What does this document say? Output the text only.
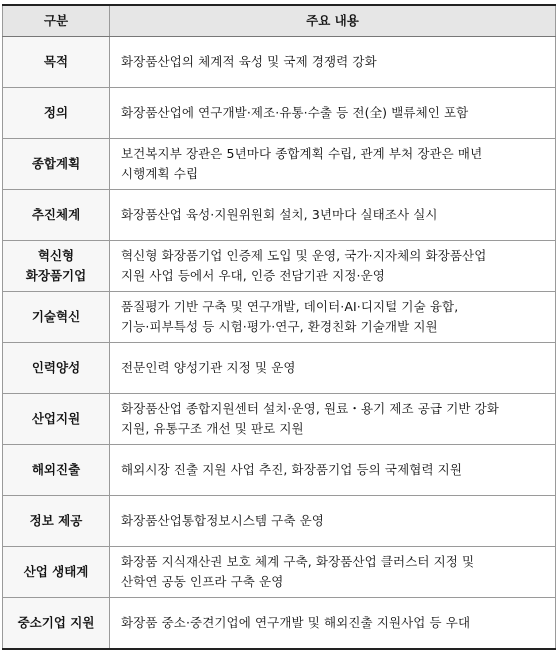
구분	주요 내용
목적	화장품산업의 체계적 육성 및 국제 경쟁력 강화
정의	화장품산업에 연구개발·제조·유통·수출 등 전(全) 밸류체인 포함
종합계획	보건복지부 장관은 5년마다 종합계획 수립, 관계 부처 장관은 매년
시행계획 수립
추진체계	화장품산업 육성·지원위원회 설치, 3년마다 실태조사 실시
혁신형
화장품기업	혁신형 화장품기업 인증제 도입 및 운영, 국가·지자체의 화장품산업
지원 사업 등에서 우대, 인증 전담기관 지정·운영
기술혁신	품질평가 기반 구축 및 연구개발, 데이터·AI·디지털 기술 융합,
기능·피부특성 등 시험·평가·연구, 환경친화 기술개발 지원
인력양성	전문인력 양성기관 지정 및 운영
산업지원	화장품산업 종합지원센터 설치·운영, 원료・용기 제조 공급 기반 강화
지원, 유통구조 개선 및 판로 지원
해외진출	해외시장 진출 지원 사업 추진, 화장품기업 등의 국제협력 지원
정보 제공	화장품산업통합정보시스템 구축 운영
산업 생태계	화장품 지식재산권 보호 체계 구축, 화장품산업 클러스터 지정 및
산학연 공동 인프라 구축 운영
중소기업 지원	화장품 중소·중견기업에 연구개발 및 해외진출 지원사업 등 우대
